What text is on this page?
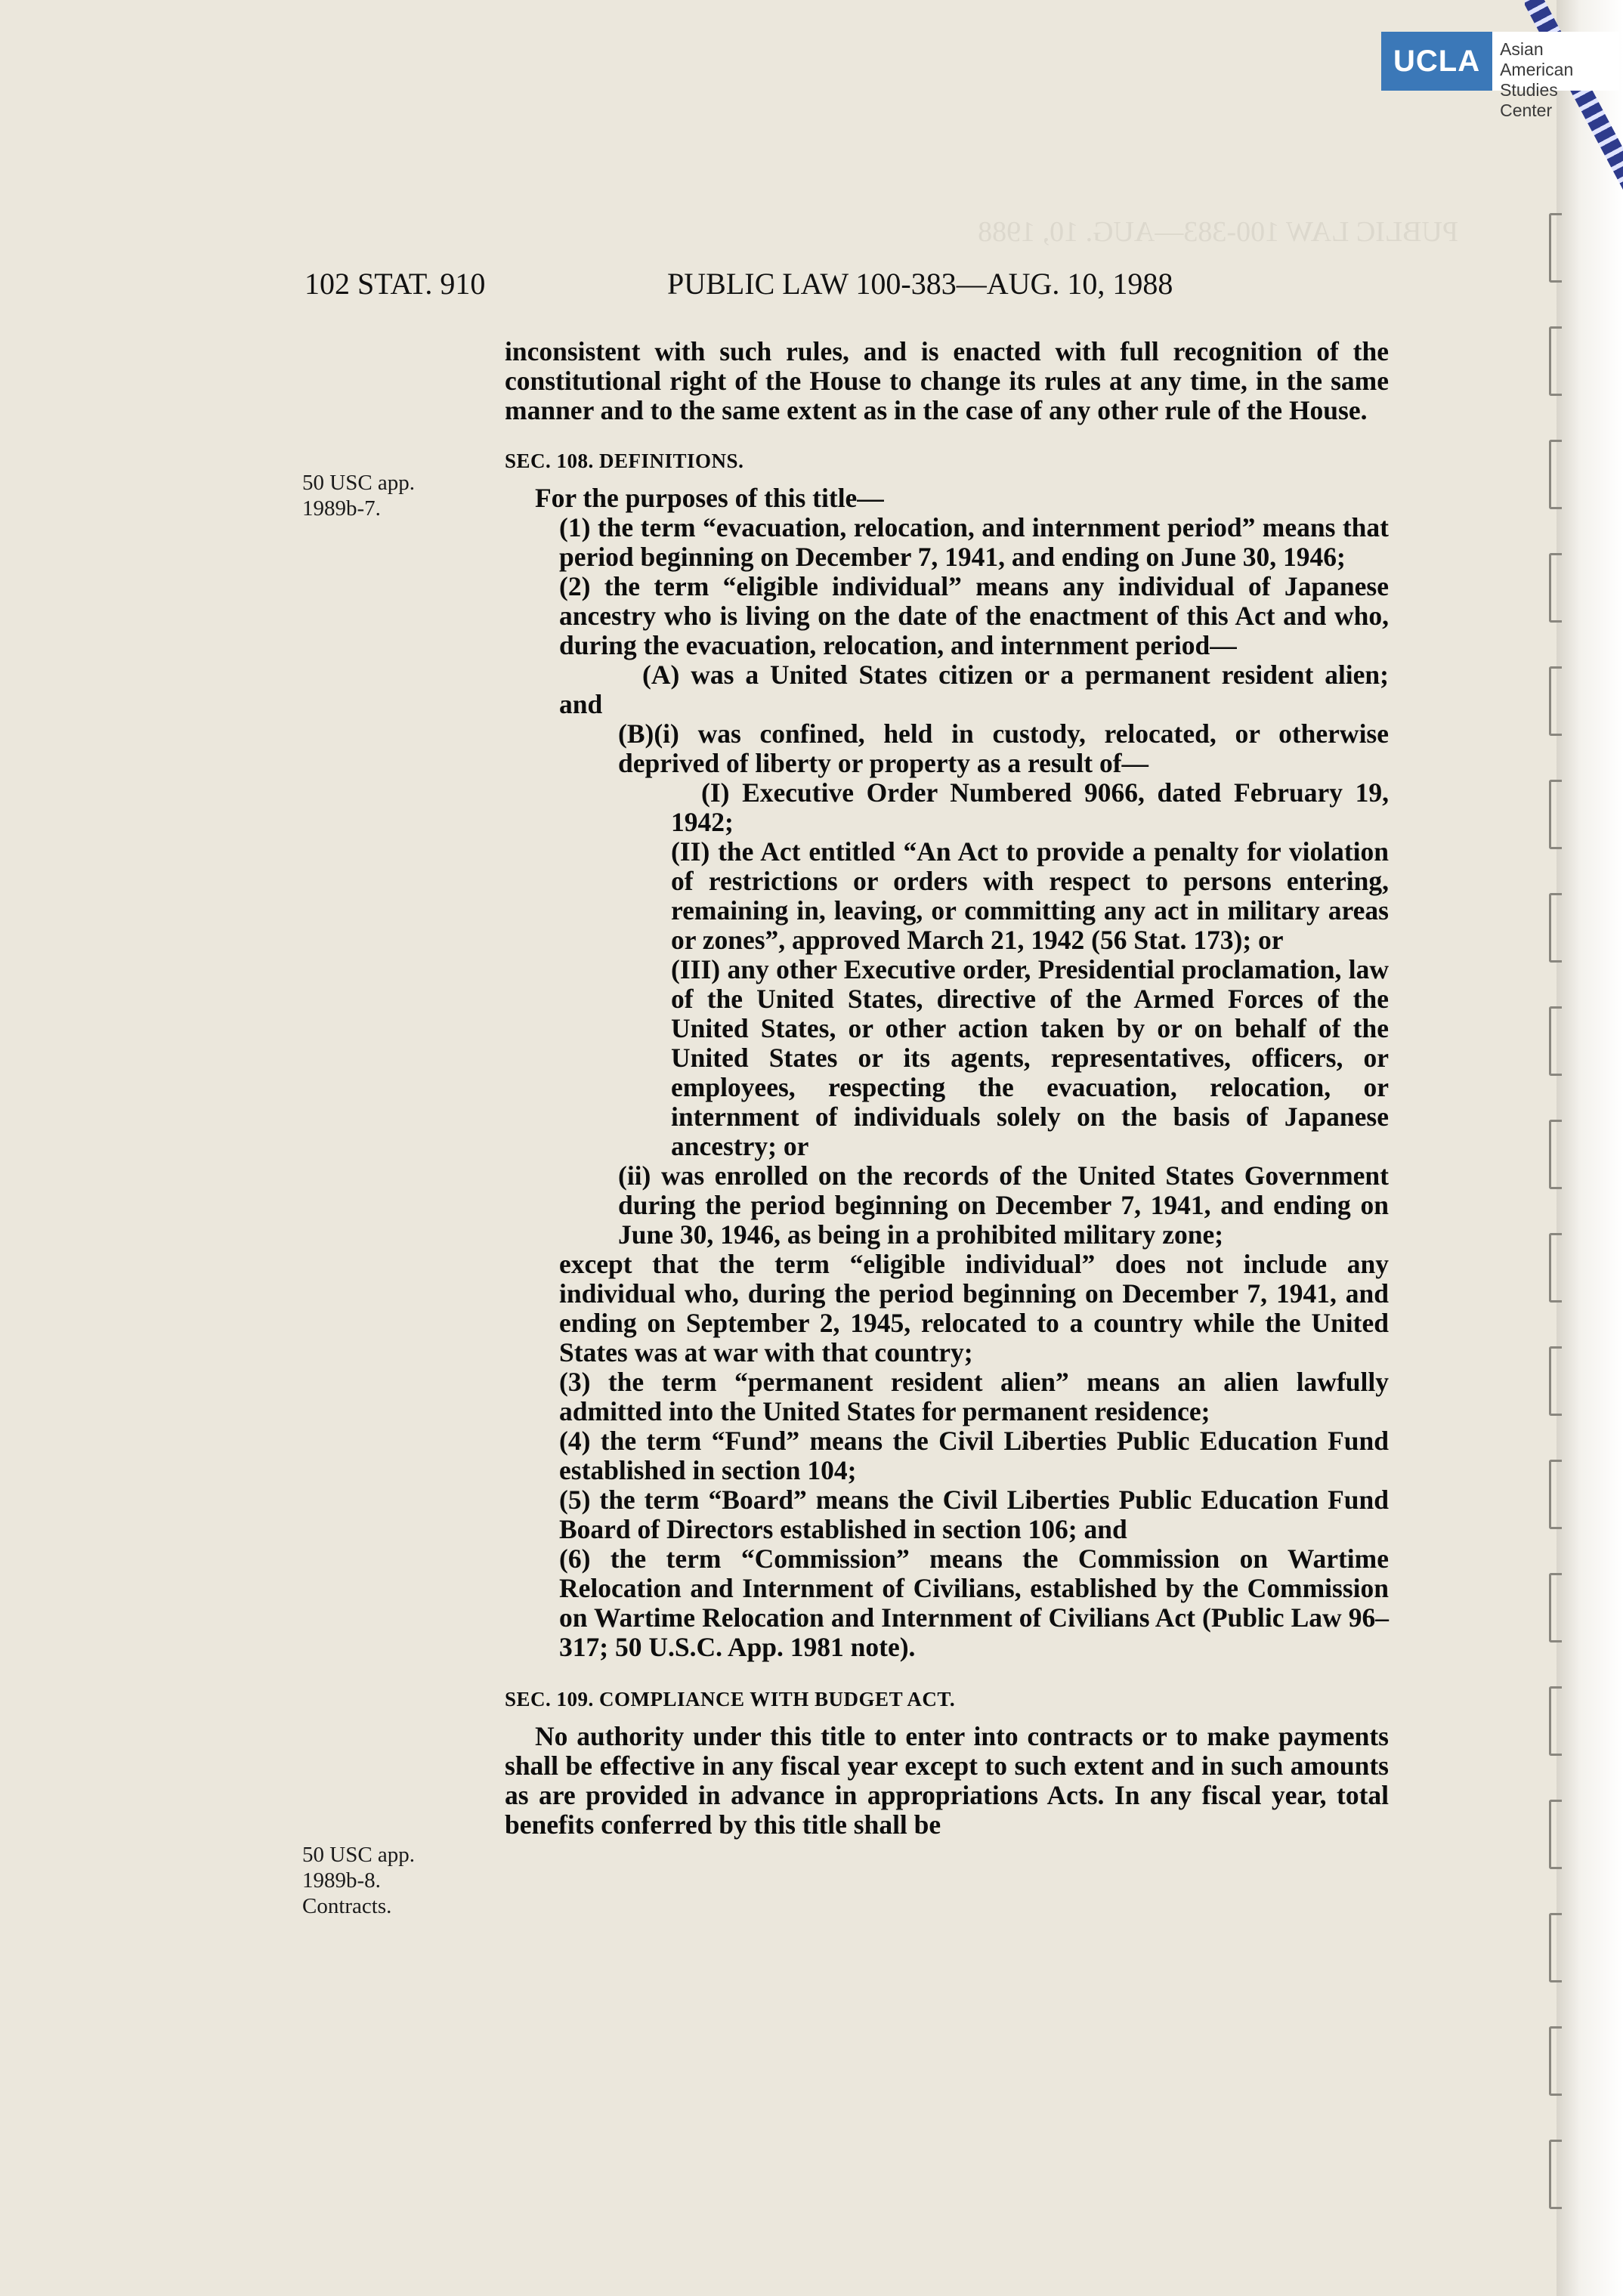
PUBLIC LAW 100-383—AUG. 10, 1988
102 STAT. 910	PUBLIC LAW 100-383—AUG. 10, 1988
50 USC app.
1989b-7.
50 USC app.
1989b-8.
Contracts.

inconsistent with such rules, and is enacted with full recognition of the constitutional right of the House to change its rules at any time, in the same manner and to the same extent as in the case of any other rule of the House.

SEC. 108. DEFINITIONS.

For the purposes of this title—

(1) the term “evacuation, relocation, and internment period” means that period beginning on December 7, 1941, and ending on June 30, 1946;

(2) the term “eligible individual” means any individual of Japanese ancestry who is living on the date of the enactment of this Act and who, during the evacuation, relocation, and internment period—

(A) was a United States citizen or a permanent resident alien; and

(B)(i) was confined, held in custody, relocated, or otherwise deprived of liberty or property as a result of—

(I) Executive Order Numbered 9066, dated February 19, 1942;

(II) the Act entitled “An Act to provide a penalty for violation of restrictions or orders with respect to persons entering, remaining in, leaving, or committing any act in military areas or zones”, approved March 21, 1942 (56 Stat. 173); or

(III) any other Executive order, Presidential proclamation, law of the United States, directive of the Armed Forces of the United States, or other action taken by or on behalf of the United States or its agents, representatives, officers, or employees, respecting the evacuation, relocation, or internment of individuals solely on the basis of Japanese ancestry; or

(ii) was enrolled on the records of the United States Government during the period beginning on December 7, 1941, and ending on June 30, 1946, as being in a prohibited military zone;

except that the term “eligible individual” does not include any individual who, during the period beginning on December 7, 1941, and ending on September 2, 1945, relocated to a country while the United States was at war with that country;

(3) the term “permanent resident alien” means an alien lawfully admitted into the United States for permanent residence;

(4) the term “Fund” means the Civil Liberties Public Education Fund established in section 104;

(5) the term “Board” means the Civil Liberties Public Education Fund Board of Directors established in section 106; and

(6) the term “Commission” means the Commission on Wartime Relocation and Internment of Civilians, established by the Commission on Wartime Relocation and Internment of Civilians Act (Public Law 96–317; 50 U.S.C. App. 1981 note).

SEC. 109. COMPLIANCE WITH BUDGET ACT.

No authority under this title to enter into contracts or to make payments shall be effective in any fiscal year except to such extent and in such amounts as are provided in advance in appropriations Acts. In any fiscal year, total benefits conferred by this title shall be

UCLA	Asian American Studies Center
